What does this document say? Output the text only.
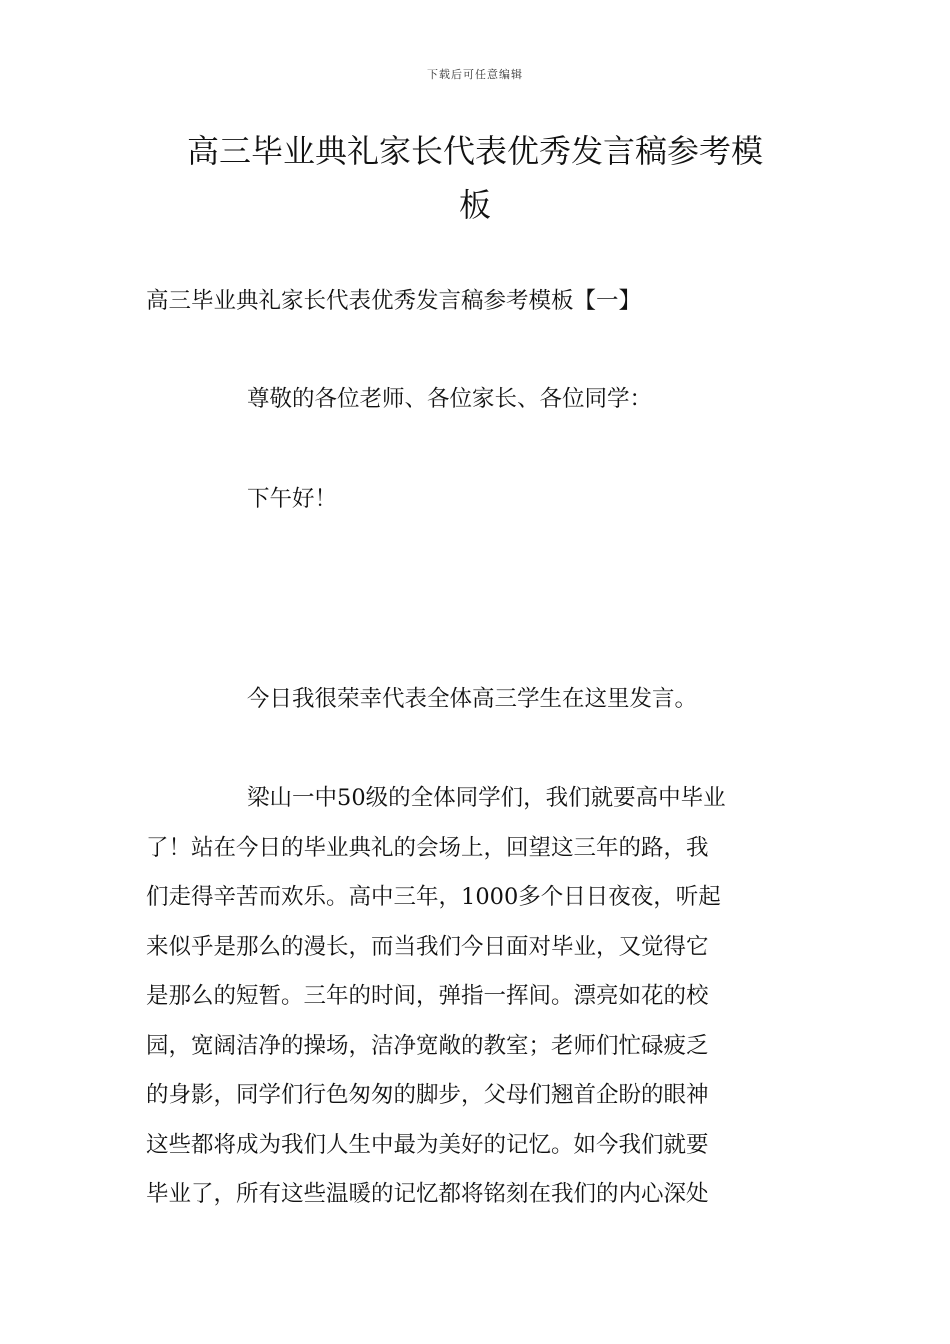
下载后可任意编辑
高三毕业典礼家长代表优秀发言稿参考模
板

高三毕业典礼家长代表优秀发言稿参考模板【一】

尊敬的各位老师、各位家长、各位同学：

下午好！

今日我很荣幸代表全体高三学生在这里发言。

梁山一中50级的全体同学们，我们就要高中毕业
了！站在今日的毕业典礼的会场上，回望这三年的路，我
们走得辛苦而欢乐。高中三年，1000多个日日夜夜，听起
来似乎是那么的漫长，而当我们今日面对毕业，又觉得它
是那么的短暂。三年的时间，弹指一挥间。漂亮如花的校
园，宽阔洁净的操场，洁净宽敞的教室；老师们忙碌疲乏
的身影，同学们行色匆匆的脚步，父母们翘首企盼的眼神
这些都将成为我们人生中最为美好的记忆。如今我们就要
毕业了，所有这些温暖的记忆都将铭刻在我们的内心深处
